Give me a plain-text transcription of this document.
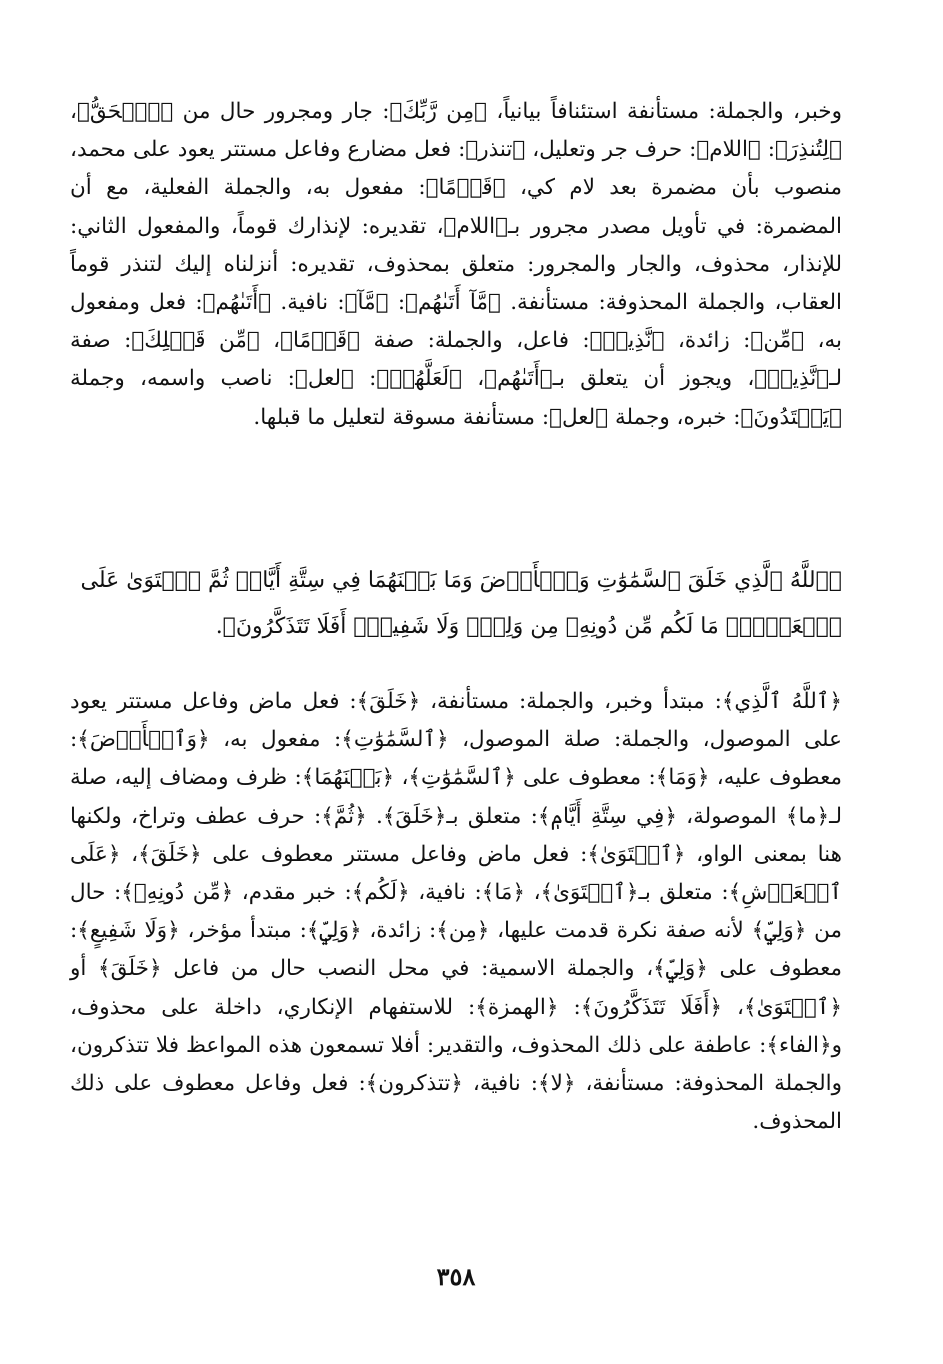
وخبر، والجملة: مستأنفة استئنافاً بيانياً، ﴿مِن رَّبِّكَ﴾: جار ومجرور حال من ﴿ٱلۡحَقُّ﴾، ﴿لِتُنذِرَ﴾: ﴿اللام﴾: حرف جر وتعليل، ﴿تنذر﴾: فعل مضارع وفاعل مستتر يعود على محمد، منصوب بأن مضمرة بعد لام كي، ﴿قَوۡمًا﴾: مفعول به، والجملة الفعلية، مع أن المضمرة: في تأويل مصدر مجرور بـ﴿اللام﴾، تقديره: لإنذارك قوماً، والمفعول الثاني: للإنذار، محذوف، والجار والمجرور: متعلق بمحذوف، تقديره: أنزلناه إليك لتنذر قوماً العقاب، والجملة المحذوفة: مستأنفة. ﴿مَّآ أَتَىٰهُم﴾: ﴿مَّآ﴾: نافية. ﴿أَتَىٰهُم﴾: فعل ومفعول به، ﴿مِّن﴾: زائدة، ﴿نَّذِيرٖ﴾: فاعل، والجملة: صفة ﴿قَوۡمًا﴾، ﴿مِّن قَبۡلِكَ﴾: صفة لـ﴿نَّذِيرٖ﴾، ويجوز أن يتعلق بـ﴿أَتَىٰهُم﴾، ﴿لَعَلَّهُمۡ﴾: ﴿لعل﴾: ناصب واسمه، وجملة ﴿يَهۡتَدُونَ﴾: خبره، وجملة ﴿لعل﴾: مستأنفة مسوقة لتعليل ما قبلها.

﴿ٱللَّهُ ٱلَّذِي خَلَقَ ٱلسَّمَٰوَٰتِ وَٱلۡأَرۡضَ وَمَا بَيۡنَهُمَا فِي سِتَّةِ أَيَّامٖ ثُمَّ ٱسۡتَوَىٰ عَلَى ٱلۡعَرۡشِۖ مَا لَكُم مِّن دُونِهِۦ مِن وَلِيّٖ وَلَا شَفِيعٍۚ أَفَلَا تَتَذَكَّرُونَ﴾.

﴿ٱللَّهُ ٱلَّذِي﴾: مبتدأ وخبر، والجملة: مستأنفة، ﴿خَلَقَ﴾: فعل ماض وفاعل مستتر يعود على الموصول، والجملة: صلة الموصول، ﴿ٱلسَّمَٰوَٰتِ﴾: مفعول به، ﴿وَٱلۡأَرۡضَ﴾: معطوف عليه، ﴿وَمَا﴾: معطوف على ﴿ٱلسَّمَٰوَٰتِ﴾، ﴿بَيۡنَهُمَا﴾: ظرف ومضاف إليه، صلة لـ﴿ما﴾ الموصولة، ﴿فِي سِتَّةِ أَيَّامٖ﴾: متعلق بـ﴿خَلَقَ﴾. ﴿ثُمَّ﴾: حرف عطف وتراخ، ولكنها هنا بمعنى الواو، ﴿ٱسۡتَوَىٰ﴾: فعل ماض وفاعل مستتر معطوف على ﴿خَلَقَ﴾، ﴿عَلَى ٱلۡعَرۡشِ﴾: متعلق بـ﴿ٱسۡتَوَىٰ﴾، ﴿مَا﴾: نافية، ﴿لَكُم﴾: خبر مقدم، ﴿مِّن دُونِهِۦ﴾: حال من ﴿وَلِيّٖ﴾ لأنه صفة نكرة قدمت عليها، ﴿مِن﴾: زائدة، ﴿وَلِيّٖ﴾: مبتدأ مؤخر، ﴿وَلَا شَفِيعٍ﴾: معطوف على ﴿وَلِيّٖ﴾، والجملة الاسمية: في محل النصب حال من فاعل ﴿خَلَقَ﴾ أو ﴿ٱسۡتَوَىٰ﴾، ﴿أَفَلَا تَتَذَكَّرُونَ﴾: ﴿الهمزة﴾: للاستفهام الإنكاري، داخلة على محذوف، و﴿الفاء﴾: عاطفة على ذلك المحذوف، والتقدير: أفلا تسمعون هذه المواعظ فلا تتذكرون، والجملة المحذوفة: مستأنفة، ﴿لا﴾: نافية، ﴿تتذكرون﴾: فعل وفاعل معطوف على ذلك المحذوف.

٣٥٨
